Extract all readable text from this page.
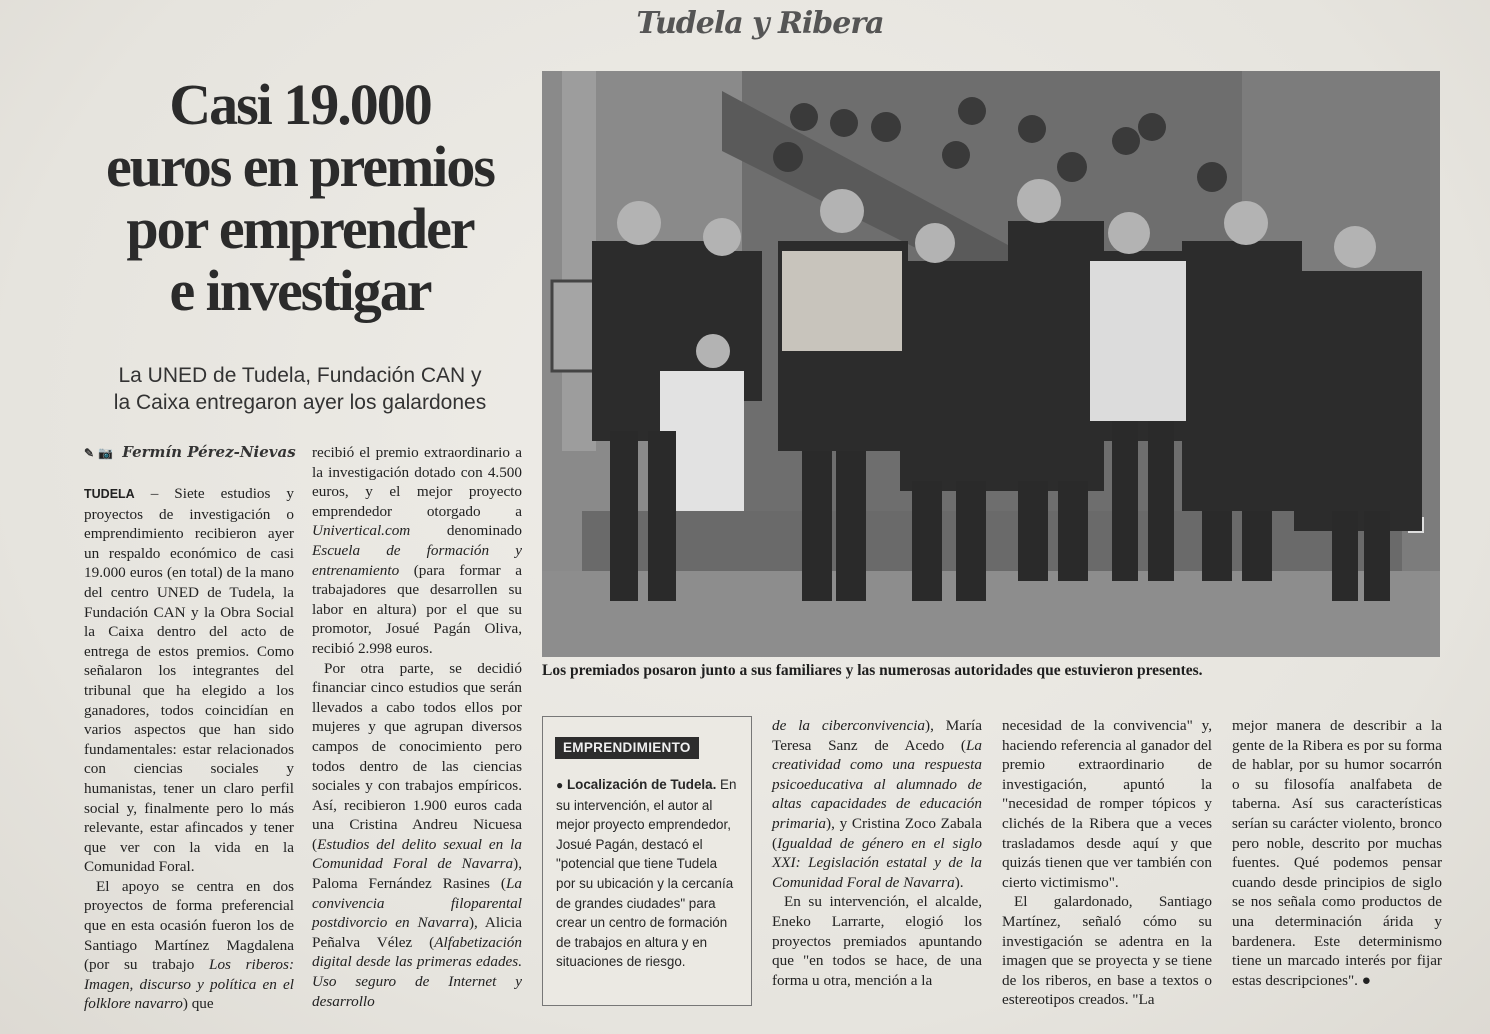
Tudela y Ribera
Casi 19.000
euros en premios
por emprender
e investigar
La UNED de Tudela, Fundación CAN y
la Caixa entregaron ayer los galardones
✎ 📷 Fermín Pérez-Nievas

TUDELA – Siete estudios y proyectos de investigación o emprendimiento recibieron ayer un respaldo económico de casi 19.000 euros (en total) de la mano del centro UNED de Tudela, la Fundación CAN y la Obra Social la Caixa dentro del acto de entrega de estos premios. Como señalaron los integrantes del tribunal que ha elegido a los ganadores, todos coincidían en varios aspectos que han sido fundamentales: estar relacionados con ciencias sociales y humanistas, tener un claro perfil social y, finalmente pero lo más relevante, estar afincados y tener que ver con la vida en la Comunidad Foral.

El apoyo se centra en dos proyectos de forma preferencial que en esta ocasión fueron los de Santiago Martínez Magdalena (por su trabajo Los riberos: Imagen, discurso y política en el folklore navarro) que

recibió el premio extraordinario a la investigación dotado con 4.500 euros, y el mejor proyecto emprendedor otorgado a Univertical.com denominado Escuela de formación y entrenamiento (para formar a trabajadores que desarrollen su labor en altura) por el que su promotor, Josué Pagán Oliva, recibió 2.998 euros.

Por otra parte, se decidió financiar cinco estudios que serán llevados a cabo todos ellos por mujeres y que agrupan diversos campos de conocimiento pero todos dentro de las ciencias sociales y con trabajos empíricos. Así, recibieron 1.900 euros cada una Cristina Andreu Nicuesa (Estudios del delito sexual en la Comunidad Foral de Navarra), Paloma Fernández Rasines (La convivencia filoparental postdivorcio en Navarra), Alicia Peñalva Vélez (Alfabetización digital desde las primeras edades. Uso seguro de Internet y desarrollo

Los premiados posaron junto a sus familiares y las numerosas autoridades que estuvieron presentes.
EMPRENDIMIENTO
● Localización de Tudela. En su intervención, el autor al mejor proyecto emprendedor, Josué Pagán, destacó el "potencial que tiene Tudela por su ubicación y la cercanía de grandes ciudades" para crear un centro de formación de trabajos en altura y en situaciones de riesgo.

de la ciberconvivencia), María Teresa Sanz de Acedo (La creatividad como una respuesta psicoeducativa al alumnado de altas capacidades de educación primaria), y Cristina Zoco Zabala (Igualdad de género en el siglo XXI: Legislación estatal y de la Comunidad Foral de Navarra).

En su intervención, el alcalde, Eneko Larrarte, elogió los proyectos premiados apuntando que "en todos se hace, de una forma u otra, mención a la

necesidad de la convivencia" y, haciendo referencia al ganador del premio extraordinario de investigación, apuntó la "necesidad de romper tópicos y clichés de la Ribera que a veces trasladamos desde aquí y que quizás tienen que ver también con cierto victimismo".

El galardonado, Santiago Martínez, señaló cómo su investigación se adentra en la imagen que se proyecta y se tiene de los riberos, en base a textos o estereotipos creados. "La

mejor manera de describir a la gente de la Ribera es por su forma de hablar, por su humor socarrón o su filosofía analfabeta de taberna. Así sus características serían su carácter violento, bronco pero noble, descrito por muchas fuentes. Qué podemos pensar cuando desde principios de siglo se nos señala como productos de una determinación árida y bardenera. Este determinismo tiene un marcado interés por fijar estas descripciones". ●
